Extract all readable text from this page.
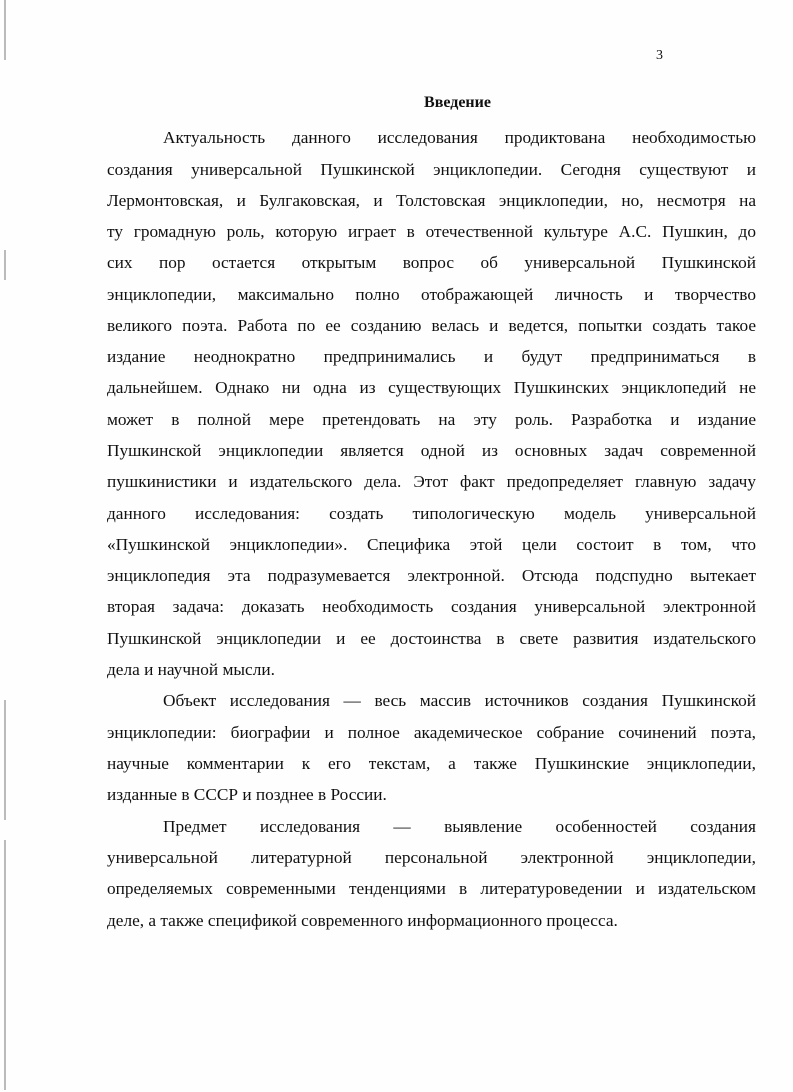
3
Введение
Актуальность данного исследования продиктована необходимостью
создания универсальной Пушкинской энциклопедии. Сегодня существуют и
Лермонтовская, и Булгаковская, и Толстовская энциклопедии, но, несмотря на
ту громадную роль, которую играет в отечественной культуре А.С. Пушкин, до
сих пор остается открытым вопрос об универсальной Пушкинской
энциклопедии, максимально полно отображающей личность и творчество
великого поэта. Работа по ее созданию велась и ведется, попытки создать такое
издание неоднократно предпринимались и будут предприниматься в
дальнейшем. Однако ни одна из существующих Пушкинских энциклопедий не
может в полной мере претендовать на эту роль. Разработка и издание
Пушкинской энциклопедии является одной из основных задач современной
пушкинистики и издательского дела. Этот факт предопределяет главную задачу
данного исследования: создать типологическую модель универсальной
«Пушкинской энциклопедии». Специфика этой цели состоит в том, что
энциклопедия эта подразумевается электронной. Отсюда подспудно вытекает
вторая задача: доказать необходимость создания универсальной электронной
Пушкинской энциклопедии и ее достоинства в свете развития издательского
дела и научной мысли.
Объект исследования — весь массив источников создания Пушкинской
энциклопедии: биографии и полное академическое собрание сочинений поэта,
научные комментарии к его текстам, а также Пушкинские энциклопедии,
изданные в СССР и позднее в России.
Предмет исследования — выявление особенностей создания
универсальной литературной персональной электронной энциклопедии,
определяемых современными тенденциями в литературоведении и издательском
деле, а также спецификой современного информационного процесса.
